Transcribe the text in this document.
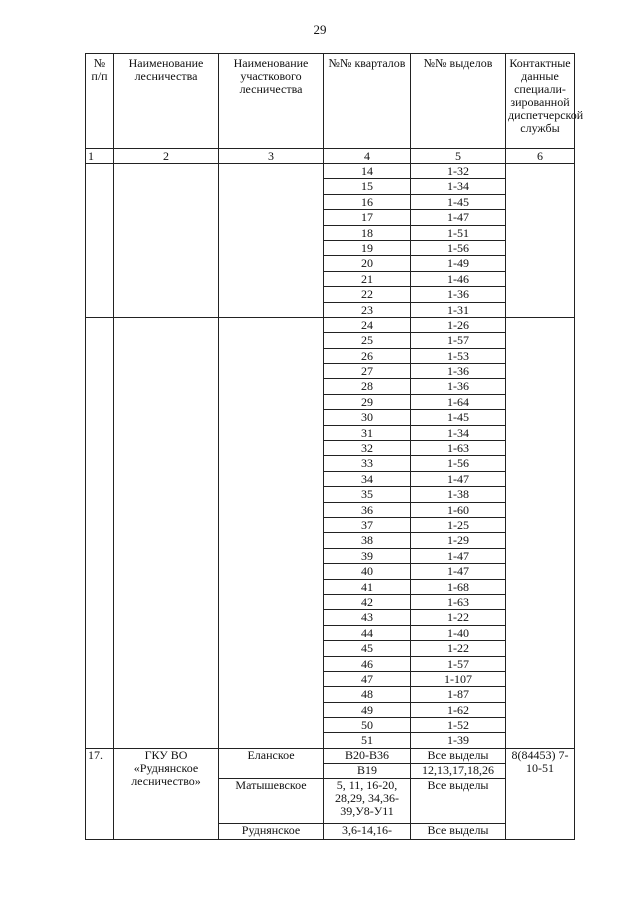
29
№ п/п	Наименование лесничества	Наименование участкового лесничества	№№ кварталов	№№ выделов	Контактные данные специали-зированной диспетчерской службы
1	2	3	4	5	6
			14	1-32	
			15	1-34	
			16	1-45	
			17	1-47	
			18	1-51	
			19	1-56	
			20	1-49	
			21	1-46	
			22	1-36	
			23	1-31	
			24	1-26	
			25	1-57	
			26	1-53	
			27	1-36	
			28	1-36	
			29	1-64	
			30	1-45	
			31	1-34	
			32	1-63	
			33	1-56	
			34	1-47	
			35	1-38	
			36	1-60	
			37	1-25	
			38	1-29	
			39	1-47	
			40	1-47	
			41	1-68	
			42	1-63	
			43	1-22	
			44	1-40	
			45	1-22	
			46	1-57	
			47	1-107	
			48	1-87	
			49	1-62	
			50	1-52	
			51	1-39	
17.	ГКУ ВО «Руднянское лесничество»	Еланское	В20-В36	Все выделы	8(84453) 7-10-51
			В19	12,13,17,18,26	
		Матышевское	5, 11, 16-20, 28,29, 34,36-39,У8-У11	Все выделы	
		Руднянское	3,6-14,16-	Все выделы	
